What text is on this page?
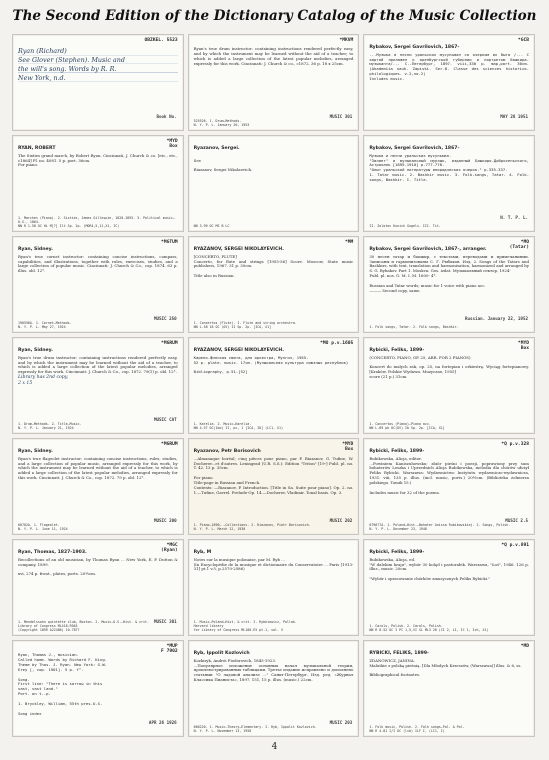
The Second Edition of the Dictionary Catalog of the Music Collection
OBZKEL. 5523
Ryan (Richard)
See Glover (Stephen). Music and
the will's song. Words by R. R.
New York, n.d.
Book No.
*MKVM
Ryan's true drum instructor: containing instructions rendered perfectly easy, and by which the instrument may be learned without the aid of a teacher; to which is added a large collection of the latest popular melodies, arranged expressly for this work. Cincinnati: J. Church & co., c1872. 36 p. 18 x 25cm.
MUSIC 301
525526. 1. Drum—Methods.
N. Y. P. L. January 26, 1953
*GCB
Rybakov, Sergei Gavrilovich, 1867-
...Музыка и песни уральских мусульман со очерком их быта /... С картой приложен к оренбургской губернии и портретом башкира-музыканта/... С.-Петербург, 1897. viii,330 p. map,port. 30cm. (Akademiia nauk. Zapiski. Ser.8. Classe des sciences historico-philologiques. v.2,no.2)
Includes music.
MAY 28 1951
*MYD
Box
RYAN, ROBERT
The Sixties grand march, by Robert Ryan. Cincinnati, J. Church & co. [etc., etc., c1864] Pl. no. 4081. 5 p. port. 36cm.
For piano.
1. Marches (Piano). 2. Sixties, James Gillespie, 1820-1893. 3. Political music—U.S., 1864.
NN R 1.58 OC Hi M[?] Ilt Sp. 2p. (MOR4,5,11,X1, IC)
Ryazanov, Sergei.

See

Riazanov, Sergei Nikolaevich.
NN 3.99 OC MS B LC
Rybakov, Sergei Gavrilovich, 1867-
Музыка и песни уральских мусульман.
"Зилант" и музыкальный мурзык, изданный Башкиро-Добросельского, Астрахань [1895-1910] p.777-778.
"Опыт уральской литературы инородческих очерок." p.335-337.
1. Tatar music. 2. Bashkir music. 3. Folk-songs, Tatar. 4. Folk-songs, Bashkir. I. Title.
N. T. P. L.
II. Zolotov Kunich Gugels. III. Tit.
*MGTUM
Ryan, Sidney.
Ryan's true cornet instructor: containing concise instructions, compass, capabilities, and illustrations, together with rules, exercises, studies, and a large collection of popular music. Cincinnati: J. Church & Co., cop. 1874. 63 p. illus. obl. 12°.
MUSIC 250
190556A. 1. Cornet—Methods.
N. Y. P. L. May 27, 1924
*MM
RYAZANOV, SERGEI NIKOLAYEVICH.
[CONCERTO, FLUTE]
Concerto, for flute and strings [1955-56] Score. Moscow, State music publishers, 1967. 31 p. 30cm.

Title also in Russian.
1. Concertos (Flute). I. Flute and string orchestra.
NN L.58 18 OC (OV) II Sp. 2p. [ICA, X1]
*MO
(Tatar)
Rybakov, Sergei Gavrilovich, 1867-, arranger.
30 песен татар и башкир, с текстами, переводами и примечаниями. Записаны и гармонизованы С. Г. Рыбаков. Изд. 2. Songs of the Tatars and Bashkirs, with text, translation and harmonisation, harmonized and arranged by S. G. Rybakov. Part 1. Moskva: Gos. izdat. Музыкальный сектор, 1924-
Publ. pl. nos. G. M. I. M. 1600- 4°.

Russian and Tatar words; music for 1 voice with piano acc.
——— Second copy, same.
Russian. January 22, 1952
1. Folk songs, Tatar. 2. Folk songs, Bashkir.
*MGRUM
Ryan, Sidney.
Ryan's true drum instructor: containing instructions rendered perfectly easy, and by which the instrument may be learned without the aid of a teacher, to which is added a large collection of the latest popular melodies, arranged expressly for this work. Cincinnati: J. Church & Co., cop. 1872. 79(1) p. obl. 12°.
Library has 2nd copy,
2 x 15
MUSIC CAT
1. Drum—Methods. 2. Title—Music.
N. Y. P. L. January 21, 1924
*MO p.v.1605
RYAZANOV, SERGEI NIKOLAYEVICH.
Карело-финская сюита, для оркестра, Музгиз, 1955.
52 p. plate. music. 17cm. (Музыкальная культура союзных республик)

Bibliography, p.51-[52]
1. Karelia. 2. Music—Karelia.
NN 4.57 OC(1bo) II, pc, 1 [ICA, I8] (LC1, X1)
*MYD
Box
Rybicki, Feliks, 1899-
(CONCERTO, PIANO, OP. 25, ARR. FOR 2 PIANOS)

Koncert do malych rak, op. 25, na fortepian i orkiestrę. Wyciąg fortepianowy. [Kraków, Polskie Wydawn. Muzyczne, 1955]
score (21 p.) 31cm.
1. Concertos (Piano)—Piano acc.
NN L.69 pk OC(OV) Ib Sp. 2p. [ICA, X1]
*MGRUM
Ryan, Sidney.
Ryan's true flageolet instructor: containing concise instructions, rules, studies, and a large collection of popular music, arranged expressly for this work, by which the instrument may be learned without the aid of a teacher, to which is added a large collection of the latest popular melodies, arranged expressly for this work. Cincinnati: J. Church & Co., cop. 1872. 79 p. obl. 12°.
MUSIC 200
60702A. 1. Flageolet.
N. Y. P. L. June 11, 1924
*MYD
Box
Ryazanov, Petr Borisovich
...Almanaque boréal; cinq pièces pour piano, par P. Riazanov, G. Tufine, W. Docherer...et d'autres. Leningrad (U.R. S.S.): Edition "Triton" [19-] Publ. pl. no. T. 42. 13 p. 35cm.

For piano.
Title-page in Russian and French.
Contents: —Riazanov, P. Introduction. [Title in Sa. Suite pour piano]. Op. 2. no. 1.—Tufine, Gavrel. Prelude-Op. 14.—Docherer, Vladimir. Tonal basis. Op. 3.
MUSIC 202
1. Piano—1890— —Collections. 2. Riazanov, Piotr Borisovich.
N. Y. P. L. March 12, 1930
*Q p.v.328
Rybicki, Feliks, 1899-
Rubikowska, Alicja, editor.
...Powiniem Kaniszuhowsku; zbiór pieśni i poezji, poprawiony przy sum bohaterów Leszka i Uprzednich Alicja Rubikowska, melodia dla chórów ułożył Feliks Rybicki. Warszawa: Wydawnictwo Instytutu wydawniczo-wydawnicza, 1931. viii, 135 p. illus. (incl. music, ports.) 20½cm. (Biblioteka żołnierza polskiego. Tomik 15.)

Includes music for 32 of the poems.
MUSIC 2.5
679677A. 1. Poland—Hist.—Bohater Anissa Rubikowskiej. 2. Songs, Polish.
N. Y. P. L. December 23, 1940
*MGC
(Ryan)
Ryan, Thomas, 1827-1903.
Recollections of an old musician, by Thomas Ryan ... New York, E. P. Dutton & company, 1899.

xvi, 274 p. front., plates, ports. 20½cm.
MUSIC 301
1. Mendelssohn quintette club, Boston. 2. Music—U.S.—Hist. & crit.
Library of Congress ML418.R9A3
(Copyright 1899 A22486) 10-7877
Ryb, M
Notes sur la musique polonaise, par M. Ryb ...
(In Encyclopédie de la musique et dictionnaire du Conservatoire ... Paris [1913-31] pt.1 v.5, p.2570-2586)
1. Music—Poland—Hist. & crit. I. Rybkiewicz, Pollak.
Harvard library
for Library of Congress ML100.E5 pt.1, vol. 5
*Q p.v.891
Rybicki, Feliks, 1899-
Rubikowska, Alicja, ed.
"W dalekim kraju", wybór 30 kolęd i pastorałek. Warszawa, "Łoś", 1946. 126 p. illus., music. 20cm.

"Wybór i opracowanie chórków zmusycznych Feliks Rybicki."
1. Carols, Polish. 2. Carols, Polish.
NN R 8.52 OC I PC 1,5,VI SL ML3 26 (CI 2, LI, IC 1, Ich, X1)
*MUP
F 7902
Ryan, Thomas J., musician.
Called home. Words by Richard F. King.
Theme by Thos. J. Ryan. New York: G.W.
Erey [, cop. 1901]. 5 p. f°.

Song.
First line: "There is sorrow in this
vast, vast land."
Port. on t.-p.

1. Bryckley, William, 55th pres.U.S.

Song index
APR 26 1926
Ryb, Ippolit Kozlovich
Kozkiryk, Andrei Fiodorovich, 1845-1923.
...Популярное изложение основных начал музыкальной теории, проиллюстрированных таблицами. Третье издание исправлено и дополнено статьями "О ладовой анализе ..." Санкт-Петербург. Изд. ред. «Журнал Классика Пианиста», 1897. 151, 15 p. illus. (music.) 22cm.
MUSIC 203
660226. 1. Music—Theory—Elementary. I. Ryb, Ippolit Kozlovich.
N. Y. P. L. November 13, 1958
*MD
RYBICKI, FELIKS, 1899-
ZDANOWICZ, JANINA.
Malutkie z polską pieśnią. [Dla Młodych Krzeszów, (Warszawa)] illus. & 6, ss.

Bibliographical footnotes.
1. Folk music, Polish. 2. Folk songs—Pol. & Pol.
NN R 4.81 I/I OC (lib) ILF I, (LC1, I)
4
